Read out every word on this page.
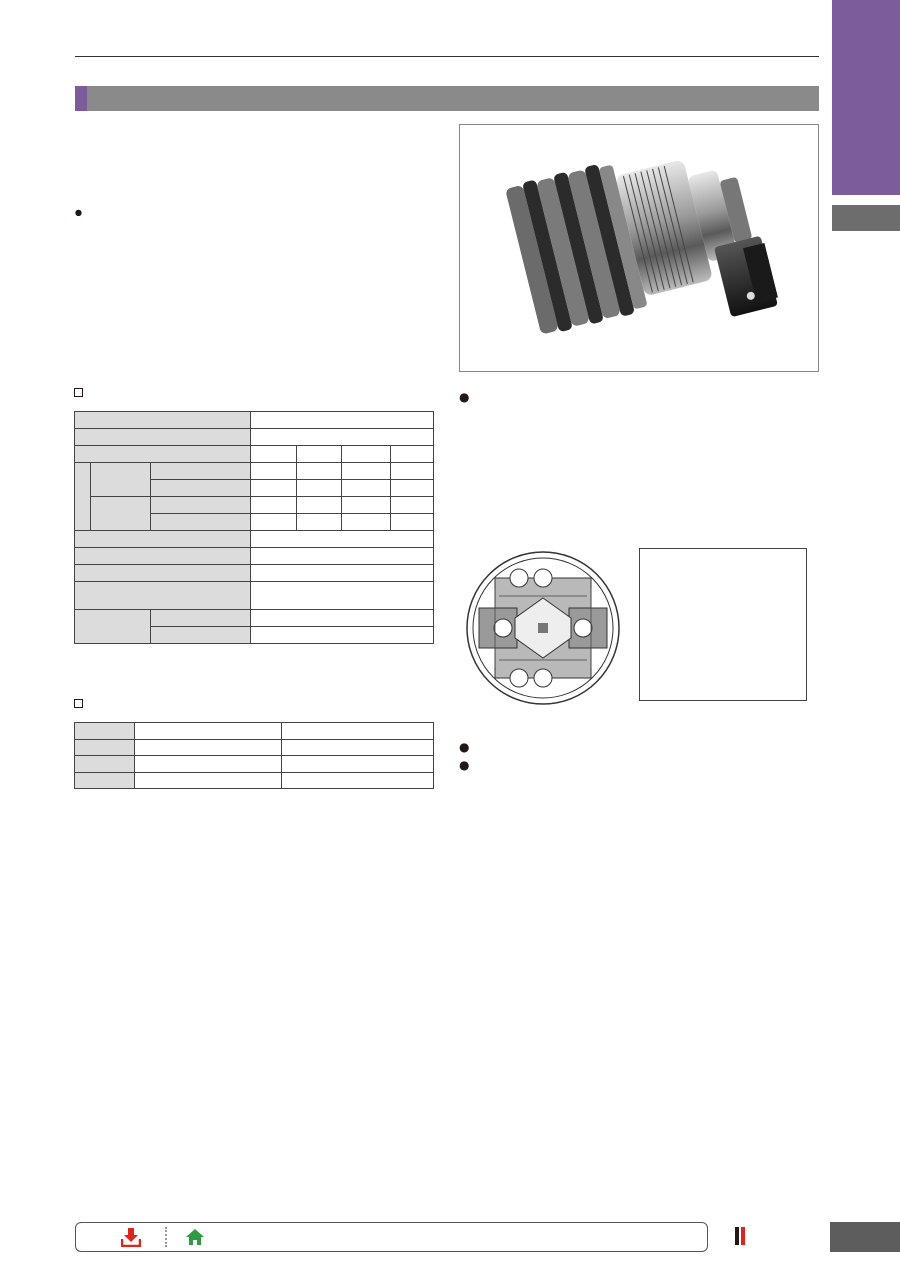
●
●
●
